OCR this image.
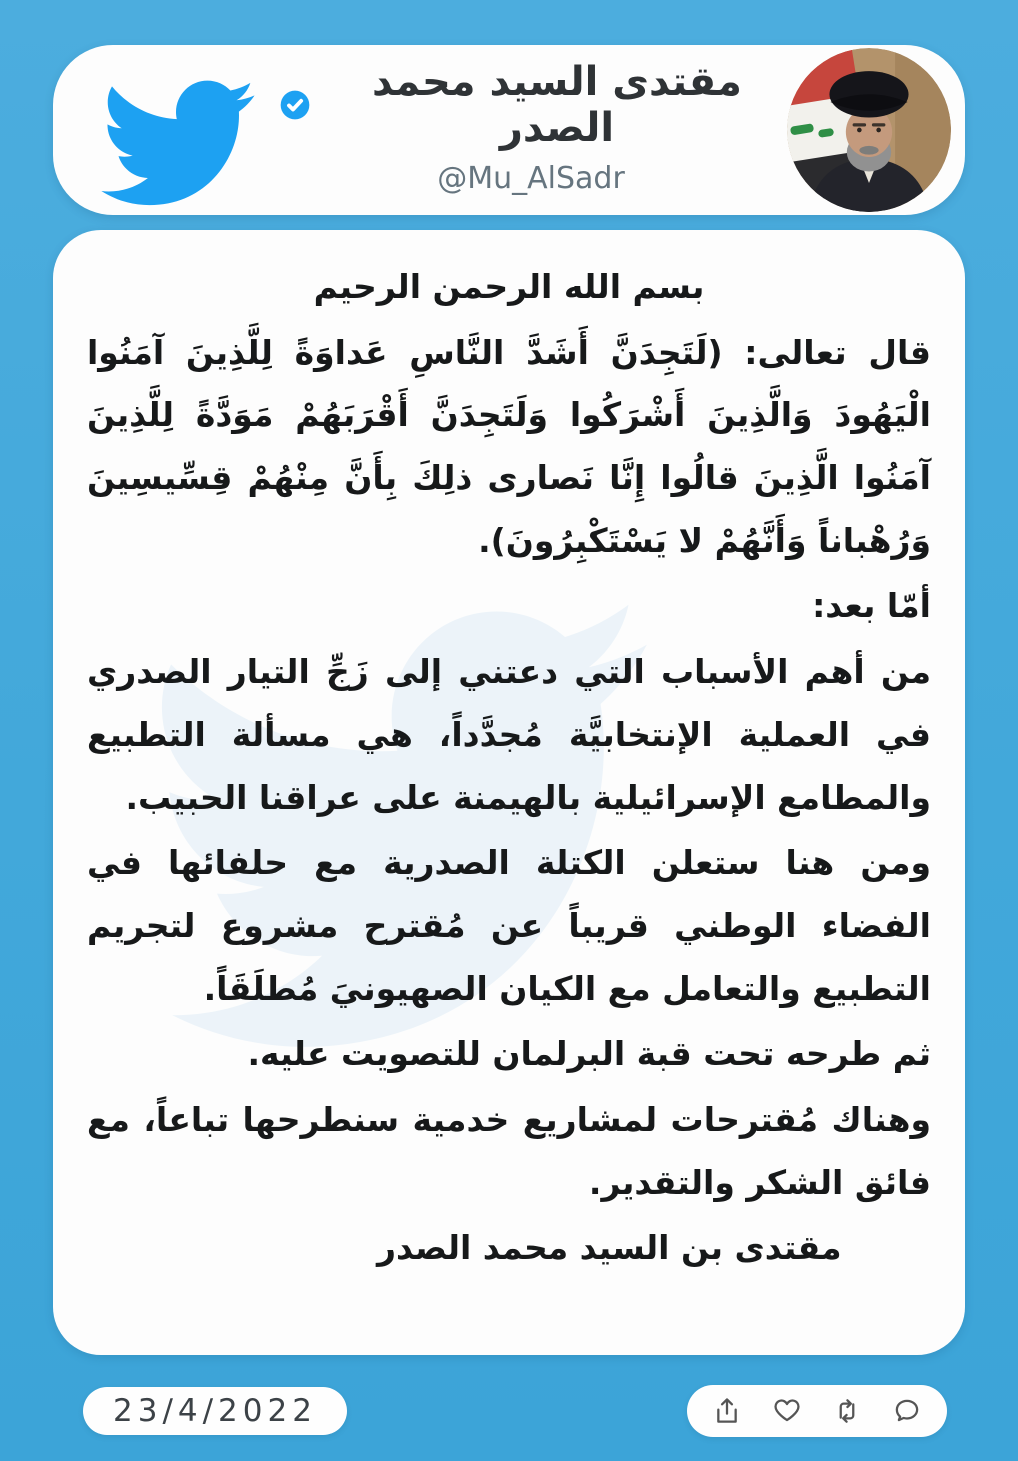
مقتدى السيد محمد الصدر
@Mu_AlSadr
بسم الله الرحمن الرحيم
قال تعالى: (لَتَجِدَنَّ أَشَدَّ النَّاسِ عَداوَةً لِلَّذِينَ آمَنُوا الْيَهُودَ وَالَّذِينَ أَشْرَكُوا وَلَتَجِدَنَّ أَقْرَبَهُمْ مَوَدَّةً لِلَّذِينَ آمَنُوا الَّذِينَ قالُوا إِنَّا نَصارى ذلِكَ بِأَنَّ مِنْهُمْ قِسِّيسِينَ وَرُهْباناً وَأَنَّهُمْ لا يَسْتَكْبِرُونَ).
أمّا بعد:
من أهم الأسباب التي دعتني إلى زَجِّ التيار الصدري في العملية الإنتخابيَّة مُجدَّداً، هي مسألة التطبيع والمطامع الإسرائيلية بالهيمنة على عراقنا الحبيب.
ومن هنا ستعلن الكتلة الصدرية مع حلفائها في الفضاء الوطني قريباً عن مُقترح مشروع لتجريم التطبيع والتعامل مع الكيان الصهيونيَ مُطلَقَاً.
ثم طرحه تحت قبة البرلمان للتصويت عليه.
وهناك مُقترحات لمشاريع خدمية سنطرحها تباعاً، مع فائق الشكر والتقدير.
مقتدى بن السيد محمد الصدر
23/4/2022
